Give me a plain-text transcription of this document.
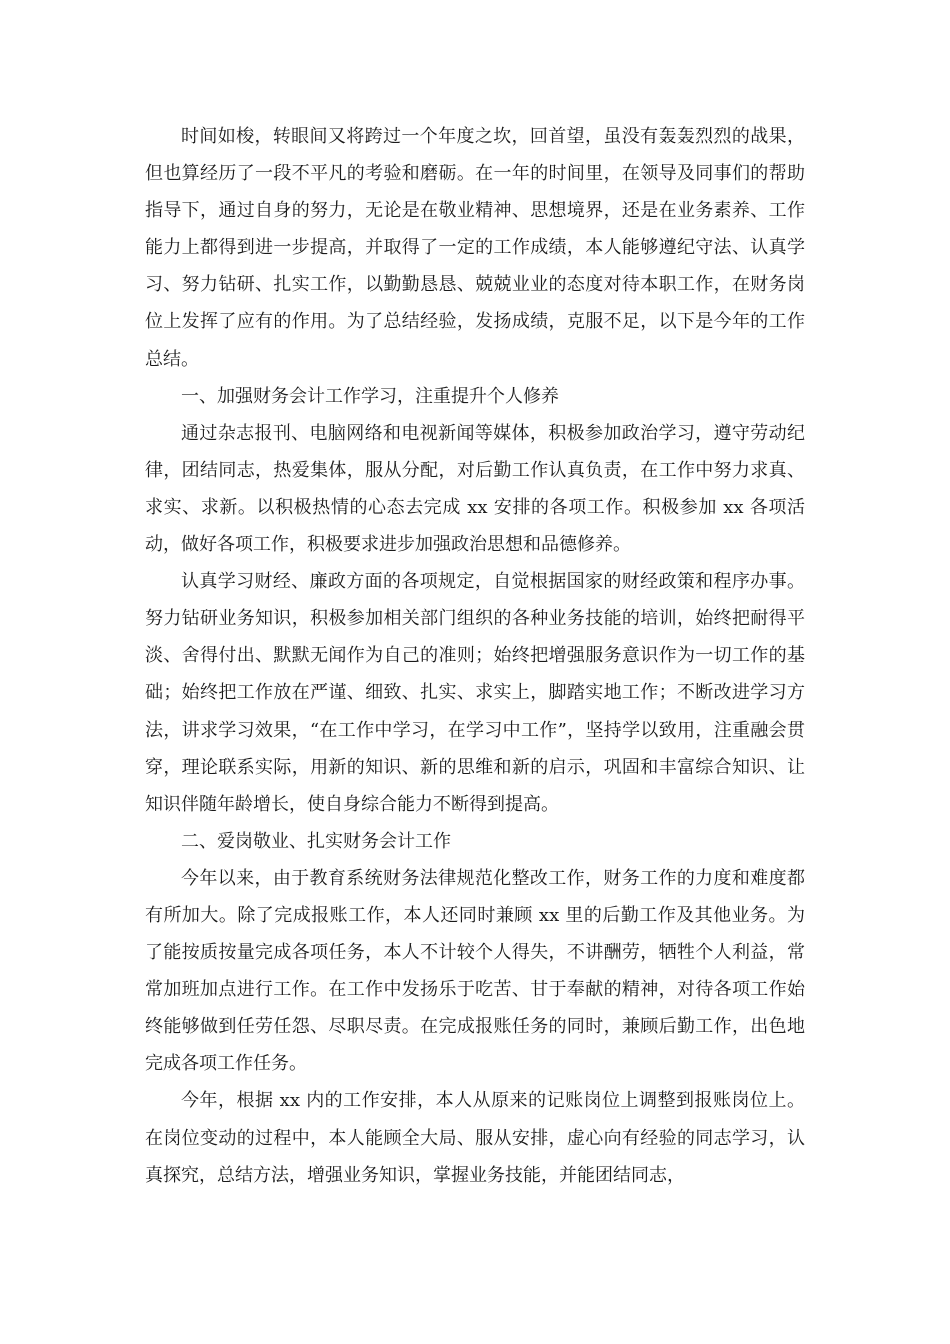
时间如梭，转眼间又将跨过一个年度之坎，回首望，虽没有轰轰烈烈的战果，但也算经历了一段不平凡的考验和磨砺。在一年的时间里，在领导及同事们的帮助指导下，通过自身的努力，无论是在敬业精神、思想境界，还是在业务素养、工作能力上都得到进一步提高，并取得了一定的工作成绩，本人能够遵纪守法、认真学习、努力钻研、扎实工作，以勤勤恳恳、兢兢业业的态度对待本职工作，在财务岗位上发挥了应有的作用。为了总结经验，发扬成绩，克服不足，以下是今年的工作总结。

一、加强财务会计工作学习，注重提升个人修养

通过杂志报刊、电脑网络和电视新闻等媒体，积极参加政治学习，遵守劳动纪律，团结同志，热爱集体，服从分配，对后勤工作认真负责，在工作中努力求真、求实、求新。以积极热情的心态去完成 xx 安排的各项工作。积极参加 xx 各项活动，做好各项工作，积极要求进步加强政治思想和品德修养。

认真学习财经、廉政方面的各项规定，自觉根据国家的财经政策和程序办事。努力钻研业务知识，积极参加相关部门组织的各种业务技能的培训，始终把耐得平淡、舍得付出、默默无闻作为自己的准则；始终把增强服务意识作为一切工作的基础；始终把工作放在严谨、细致、扎实、求实上，脚踏实地工作；不断改进学习方法，讲求学习效果，“在工作中学习，在学习中工作”，坚持学以致用，注重融会贯穿，理论联系实际，用新的知识、新的思维和新的启示，巩固和丰富综合知识、让知识伴随年龄增长，使自身综合能力不断得到提高。

二、爱岗敬业、扎实财务会计工作

今年以来，由于教育系统财务法律规范化整改工作，财务工作的力度和难度都有所加大。除了完成报账工作，本人还同时兼顾 xx 里的后勤工作及其他业务。为了能按质按量完成各项任务，本人不计较个人得失，不讲酬劳，牺牲个人利益，常常加班加点进行工作。在工作中发扬乐于吃苦、甘于奉献的精神，对待各项工作始终能够做到任劳任怨、尽职尽责。在完成报账任务的同时，兼顾后勤工作，出色地完成各项工作任务。

今年，根据 xx 内的工作安排，本人从原来的记账岗位上调整到报账岗位上。在岗位变动的过程中，本人能顾全大局、服从安排，虚心向有经验的同志学习，认真探究，总结方法，增强业务知识，掌握业务技能，并能团结同志，
